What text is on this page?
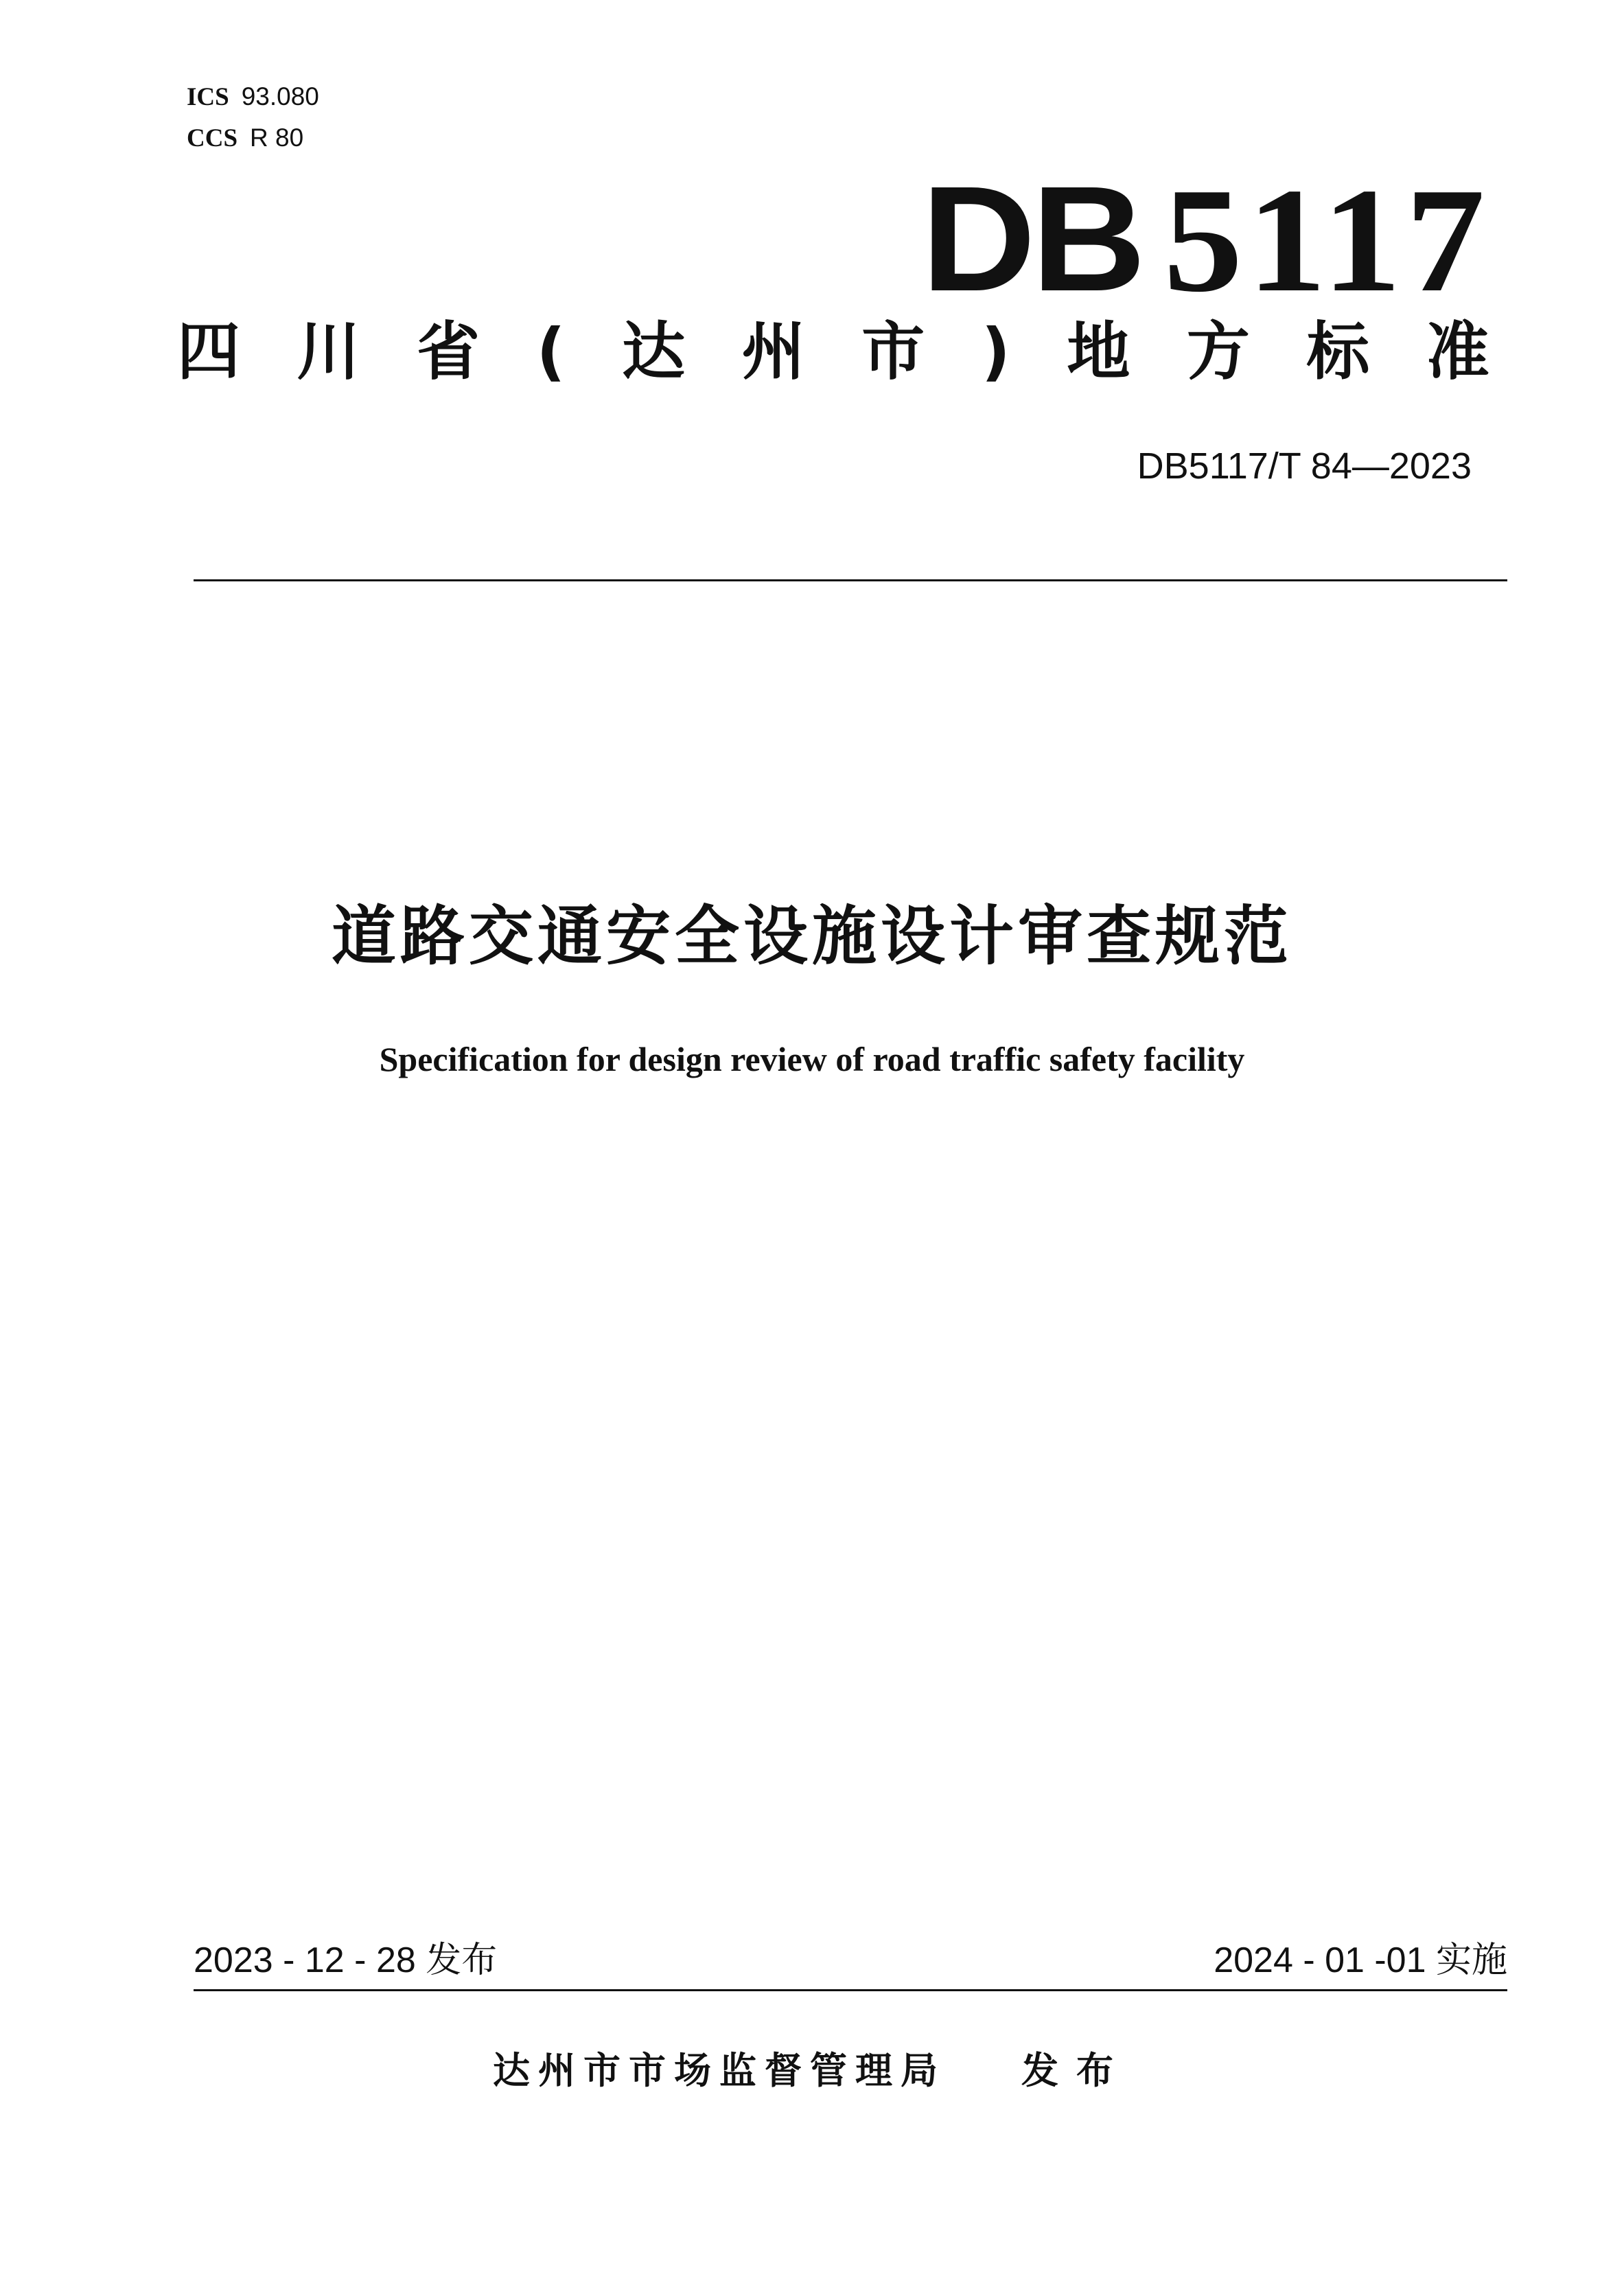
ICS 93.080
CCS R 80
DB 5117
四 川 省 ( 达 州 市 ) 地 方 标 准
DB5117/T 84—2023
道路交通安全设施设计审查规范
Specification for design review of road traffic safety facility
2023 - 12 - 28 发布	2024 - 01 -01 实施
达州市市场监督管理局 发布
